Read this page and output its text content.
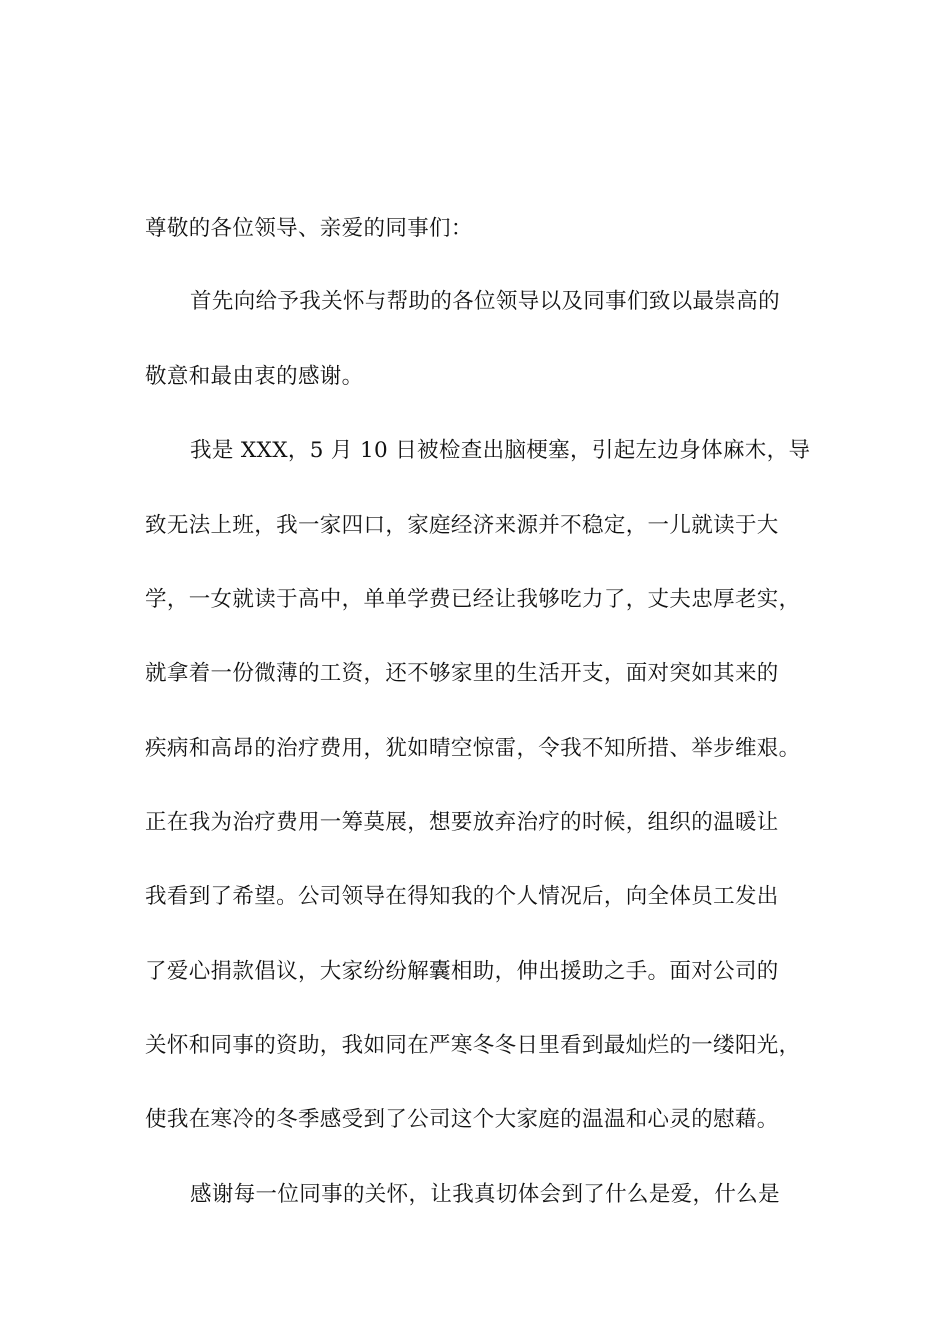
尊敬的各位领导、亲爱的同事们：
首先向给予我关怀与帮助的各位领导以及同事们致以最崇高的
敬意和最由衷的感谢。
我是 XXX，5 月 10 日被检查出脑梗塞，引起左边身体麻木，导
致无法上班，我一家四口，家庭经济来源并不稳定，一儿就读于大
学，一女就读于高中，单单学费已经让我够吃力了，丈夫忠厚老实，
就拿着一份微薄的工资，还不够家里的生活开支，面对突如其来的
疾病和高昂的治疗费用，犹如晴空惊雷，令我不知所措、举步维艰。
正在我为治疗费用一筹莫展，想要放弃治疗的时候，组织的温暖让
我看到了希望。公司领导在得知我的个人情况后，向全体员工发出
了爱心捐款倡议，大家纷纷解囊相助，伸出援助之手。面对公司的
关怀和同事的资助，我如同在严寒冬冬日里看到最灿烂的一缕阳光，
使我在寒冷的冬季感受到了公司这个大家庭的温温和心灵的慰藉。
感谢每一位同事的关怀，让我真切体会到了什么是爱，什么是
